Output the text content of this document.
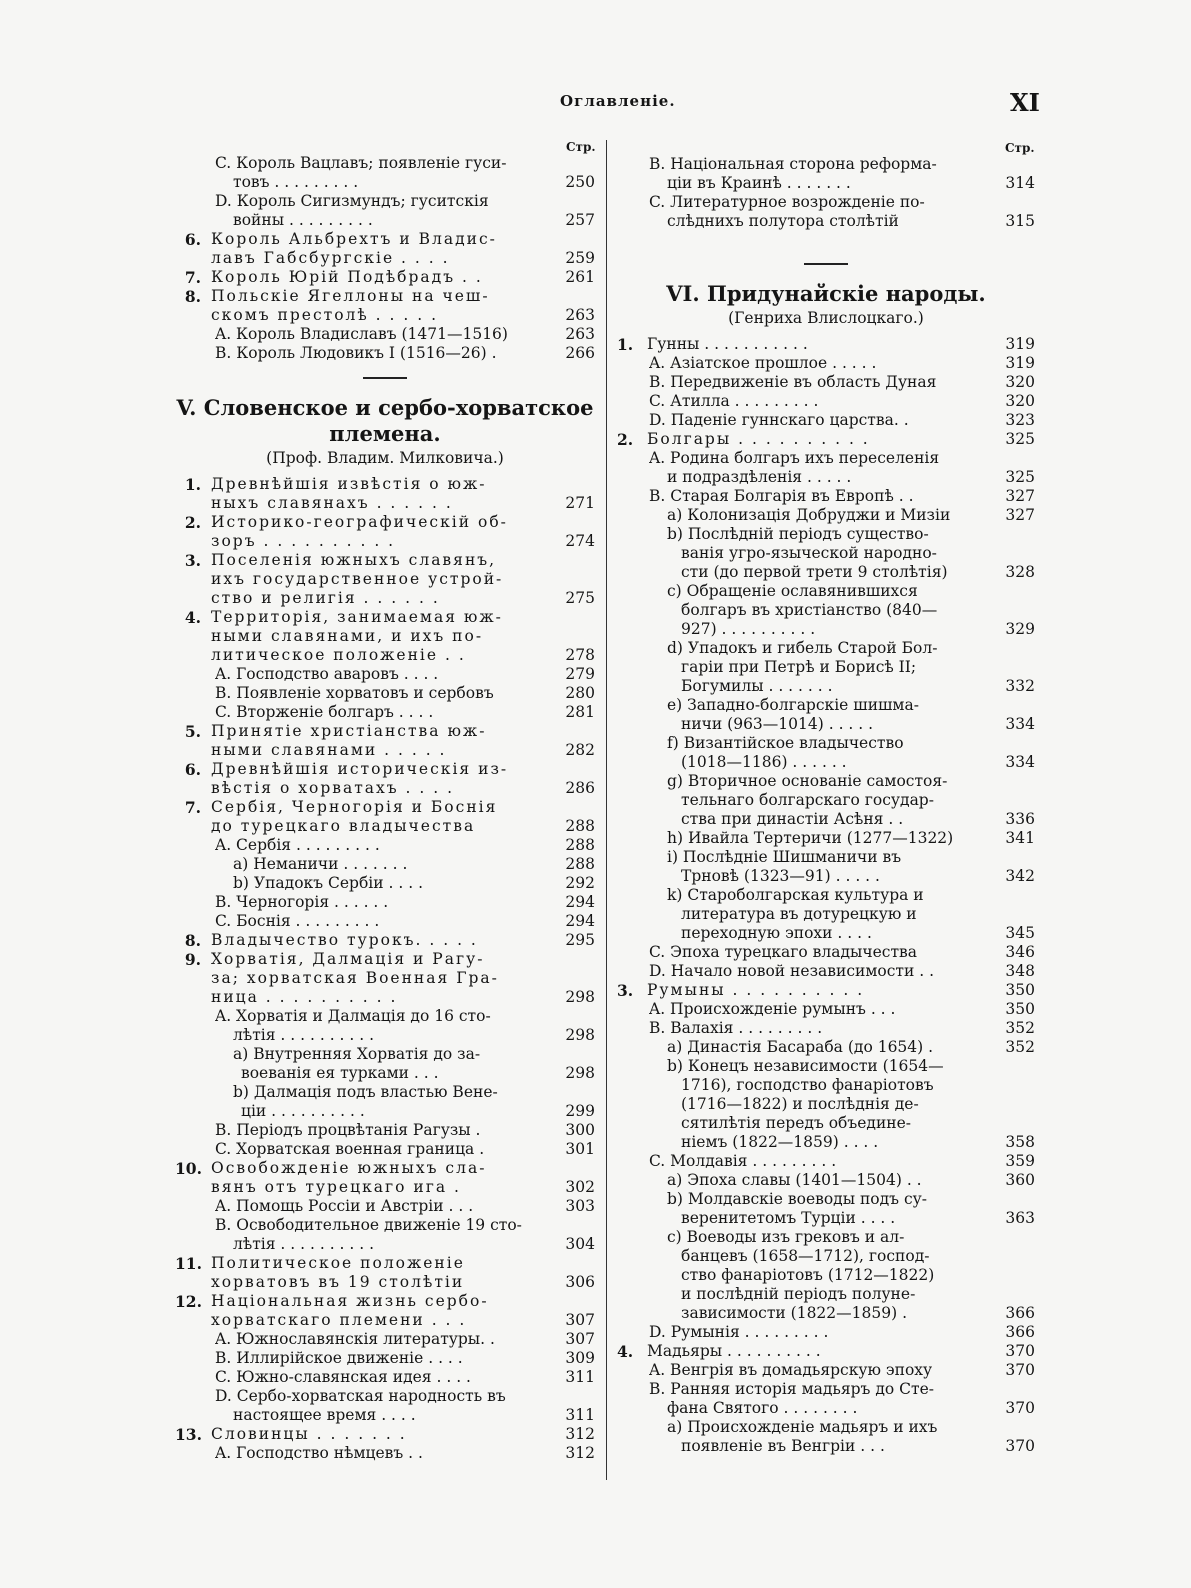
Оглавленіе.	XI
Стр.	Стр.
C. Король Вацлавъ; появленіе гуси-
товъ . . . . . . . . .	250
D. Король Сигизмундъ; гуситскія
войны . . . . . . . . .	257
6. Король Альбрехтъ и Владис-
лавъ Габсбургскіе . . . .	259
7. Король Юрій Подѣбрадъ . .	261
8. Польскіе Ягеллоны на чеш-
скомъ престолѣ . . . . .	263
A. Король Владиславъ (1471—1516)	263
B. Король Людовикъ I (1516—26) .	266
V. Словенское и сербо-хорватское
племена.
(Проф. Владим. Милковича.)
1. Древнѣйшія извѣстія о юж-
ныхъ славянахъ . . . . . .	271
2. Историко-географическій об-
зоръ . . . . . . . . . .	274
3. Поселенія южныхъ славянъ,
ихъ государственное устрой-
ство и религія . . . . . .	275
4. Территорія, занимаемая юж-
ными славянами, и ихъ по-
литическое положеніе . .	278
A. Господство аваровъ . . . .	279
B. Появленіе хорватовъ и сербовъ	280
C. Вторженіе болгаръ . . . .	281
5. Принятіе христіанства юж-
ными славянами . . . . .	282
6. Древнѣйшія историческія из-
вѣстія о хорватахъ . . . .	286
7. Сербія, Черногорія и Боснія
до турецкаго владычества	288
A. Сербія . . . . . . . . .	288
a) Неманичи . . . . . . .	288
b) Упадокъ Сербіи . . . .	292
B. Черногорія . . . . . .	294
C. Боснія . . . . . . . . .	294
8. Владычество турокъ. . . . .	295
9. Хорватія, Далмація и Рагу-
за; хорватская Военная Гра-
ница . . . . . . . . . .	298
A. Хорватія и Далмація до 16 сто-
лѣтія . . . . . . . . . .	298
a) Внутренняя Хорватія до за-
воеванія ея турками . . .	298
b) Далмація подъ властью Вене-
ціи . . . . . . . . . .	299
B. Періодъ процвѣтанія Рагузы .	300
C. Хорватская военная граница .	301
10. Освобожденіе южныхъ сла-
вянъ отъ турецкаго ига .	302
A. Помощь Россіи и Австріи . . .	303
B. Освободительное движеніе 19 сто-
лѣтія . . . . . . . . . .	304
11. Политическое положеніе
хорватовъ въ 19 столѣтіи	306
12. Національная жизнь сербо-
хорватскаго племени . . .	307
A. Южнославянскія литературы. .	307
B. Иллирійское движеніе . . . .	309
C. Южно-славянская идея . . . .	311
D. Сербо-хорватская народность въ
настоящее время . . . .	311
13. Словинцы . . . . . . .	312
A. Господство нѣмцевъ . .	312
B. Національная сторона реформа-
ціи въ Краинѣ . . . . . . .	314
C. Литературное возрожденіе по-
слѣднихъ полутора столѣтій	315
VI. Придунайскіе народы.
(Генриха Влислоцкаго.)
1. Гунны . . . . . . . . . . .	319
A. Азіатское прошлое . . . . .	319
B. Передвиженіе въ область Дуная	320
C. Атилла . . . . . . . . .	320
D. Паденіе гуннскаго царства. .	323
2. Болгары . . . . . . . . . .	325
A. Родина болгаръ ихъ переселенія
и подраздѣленія . . . . .	325
B. Старая Болгарія въ Европѣ . .	327
a) Колонизація Добруджи и Мизіи	327
b) Послѣдній періодъ существо-
ванія угро-язычеcкой народно-
сти (до первой трети 9 столѣтія)	328
c) Обращеніе ославянившихся
болгаръ въ христіанство (840—
927) . . . . . . . . . .	329
d) Упадокъ и гибель Старой Бол-
гаріи при Петрѣ и Борисѣ II;
Богумилы . . . . . . .	332
e) Западно-болгарскіе шишма-
ничи (963—1014) . . . . .	334
f) Византійское владычество
(1018—1186) . . . . . .	334
g) Вторичное основаніе самостоя-
тельнаго болгарскаго государ-
ства при династіи Асѣня . .	336
h) Ивайла Тертеричи (1277—1322)	341
i) Послѣдніе Шишманичи въ
Трновѣ (1323—91) . . . . .	342
k) Староболгарская культура и
литература въ дотурецкую и
переходную эпохи . . . .	345
C. Эпоха турецкаго владычества	346
D. Начало новой независимости . .	348
3. Румыны . . . . . . . . . .	350
A. Происхожденіе румынъ . . .	350
B. Валахія . . . . . . . . .	352
a) Династія Басараба (до 1654) .	352
b) Конецъ независимости (1654—
1716), господство фанаріотовъ
(1716—1822) и послѣднія де-
сятилѣтія передъ объедине-
ніемъ (1822—1859) . . . .	358
C. Молдавія . . . . . . . . .	359
a) Эпоха славы (1401—1504) . .	360
b) Молдавскіе воеводы подъ су-
веренитетомъ Турціи . . . .	363
c) Воеводы изъ грековъ и ал-
банцевъ (1658—1712), господ-
ство фанаріотовъ (1712—1822)
и послѣдній періодъ полуне-
зависимости (1822—1859) .	366
D. Румынія . . . . . . . . .	366
4. Мадьяры . . . . . . . . . .	370
A. Венгрія въ домадьярскую эпоху	370
B. Ранняя исторія мадьяръ до Сте-
фана Святого . . . . . . . .	370
a) Происхожденіе мадьяръ и ихъ
появленіе въ Венгріи . . .	370
